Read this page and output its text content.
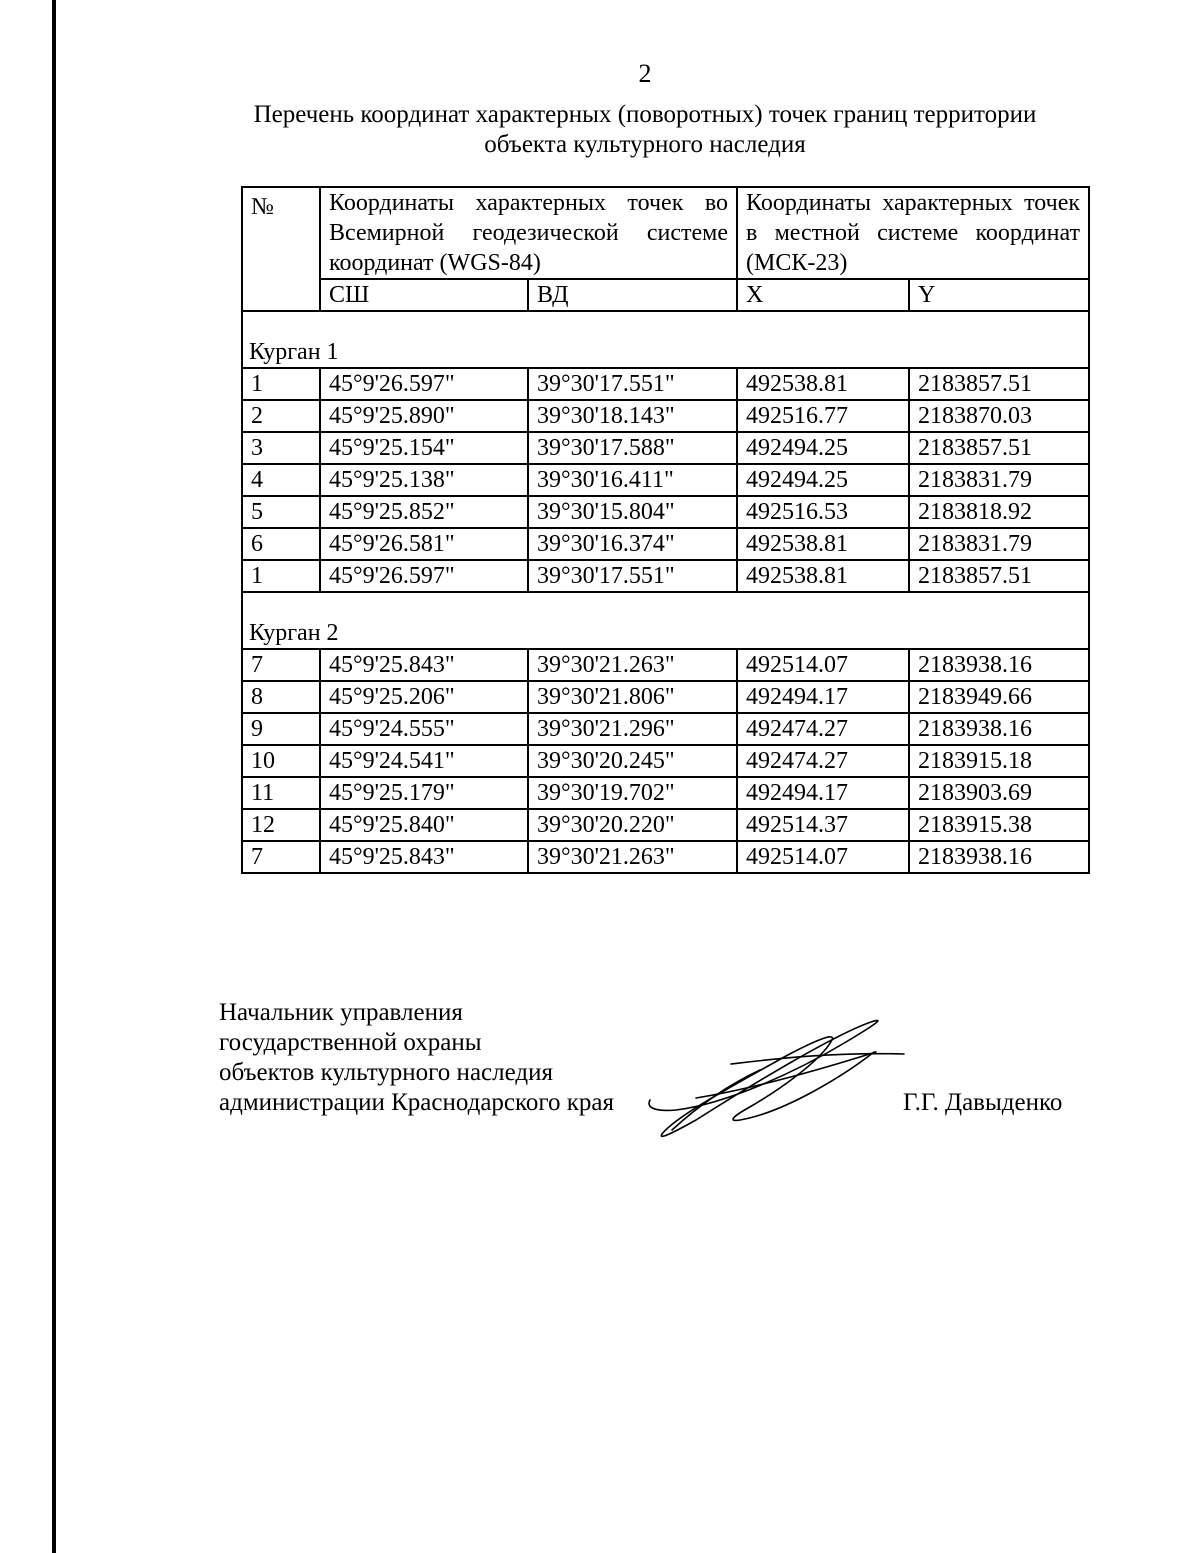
2
Перечень координат характерных (поворотных) точек границ территории
объекта культурного наследия
№	Координаты характерных точек во Всемирной геодезической системе координат (WGS-84)		Координаты характерных точек в местной системе координат (МСК-23)	
	СШ	ВД	X	Y
Курган 1				
1	45°9'26.597"	39°30'17.551"	492538.81	2183857.51
2	45°9'25.890"	39°30'18.143"	492516.77	2183870.03
3	45°9'25.154"	39°30'17.588"	492494.25	2183857.51
4	45°9'25.138"	39°30'16.411"	492494.25	2183831.79
5	45°9'25.852"	39°30'15.804"	492516.53	2183818.92
6	45°9'26.581"	39°30'16.374"	492538.81	2183831.79
1	45°9'26.597"	39°30'17.551"	492538.81	2183857.51
Курган 2				
7	45°9'25.843"	39°30'21.263"	492514.07	2183938.16
8	45°9'25.206"	39°30'21.806"	492494.17	2183949.66
9	45°9'24.555"	39°30'21.296"	492474.27	2183938.16
10	45°9'24.541"	39°30'20.245"	492474.27	2183915.18
11	45°9'25.179"	39°30'19.702"	492494.17	2183903.69
12	45°9'25.840"	39°30'20.220"	492514.37	2183915.38
7	45°9'25.843"	39°30'21.263"	492514.07	2183938.16
Начальник управления
государственной охраны
объектов культурного наследия
администрации Краснодарского края	Г.Г. Давыденко
